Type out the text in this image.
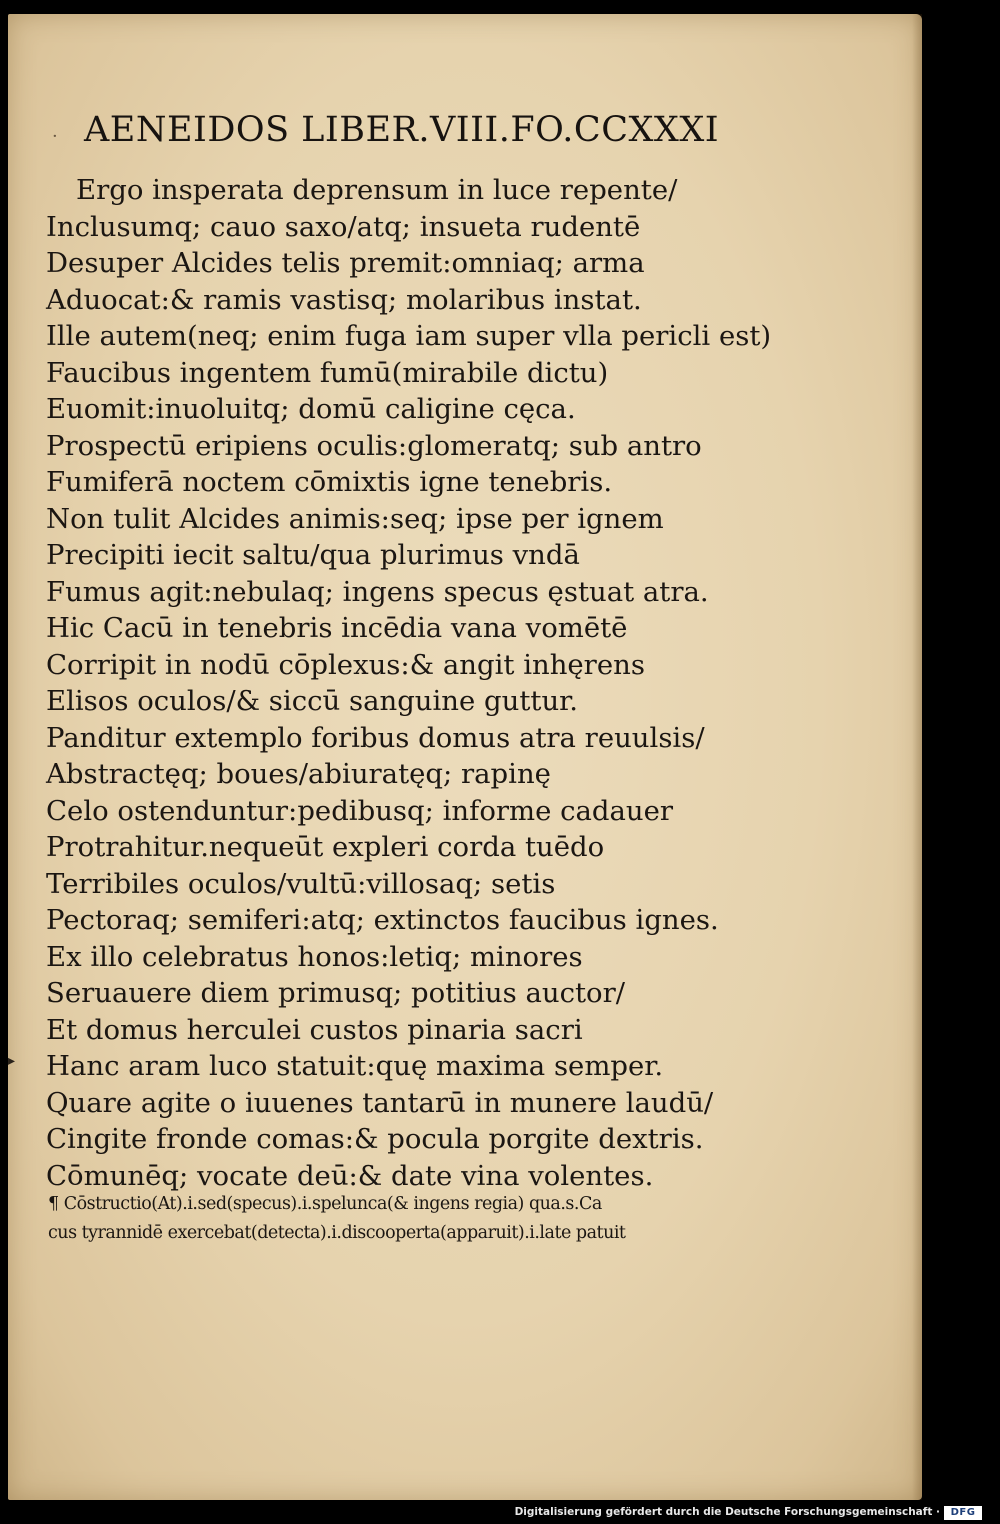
· AENEIDOS LIBER.VIII.FO.CCXXXI
Ergo insperata deprensum in luce repente/
Inclusumq; cauo saxo/atq; insueta rudentē
Desuper Alcides telis premit:omniaq; arma
Aduocat:& ramis vastisq; molaribus instat.
Ille autem(neq; enim fuga iam super vlla pericli est)
Faucibus ingentem fumū(mirabile dictu)
Euomit:inuoluitq; domū caligine cęca.
Prospectū eripiens oculis:glomeratq; sub antro
Fumiferā noctem cōmixtis igne tenebris.
Non tulit Alcides animis:seq; ipse per ignem
Precipiti iecit saltu/qua plurimus vndā
Fumus agit:nebulaq; ingens specus ęstuat atra.
Hic Cacū in tenebris incēdia vana vomētē
Corripit in nodū cōplexus:& angit inhęrens
Elisos oculos/& siccū sanguine guttur.
Panditur extemplo foribus domus atra reuulsis/
Abstractęq; boues/abiuratęq; rapinę
Celo ostenduntur:pedibusq; informe cadauer
Protrahitur.nequeūt expleri corda tuēdo
Terribiles oculos/vultū:villosaq; setis
Pectoraq; semiferi:atq; extinctos faucibus ignes.
Ex illo celebratus honos:letiq; minores
Seruauere diem primusq; potitius auctor/
Et domus herculei custos pinaria sacri
Hanc aram luco statuit:quę maxima semper.
Quare agite o iuuenes tantarū in munere laudū/
Cingite fronde comas:& pocula porgite dextris.
Cōmunēq; vocate deū:& date vina volentes.
▸
¶ Cōstructio(At).i.sed(specus).i.spelunca(& ingens regia) qua.s.Ca
cus tyrannidē exercebat(detecta).i.discooperta(apparuit).i.late patuit
Digitalisierung gefördert durch die Deutsche Forschungsgemeinschaft ·	DFG
